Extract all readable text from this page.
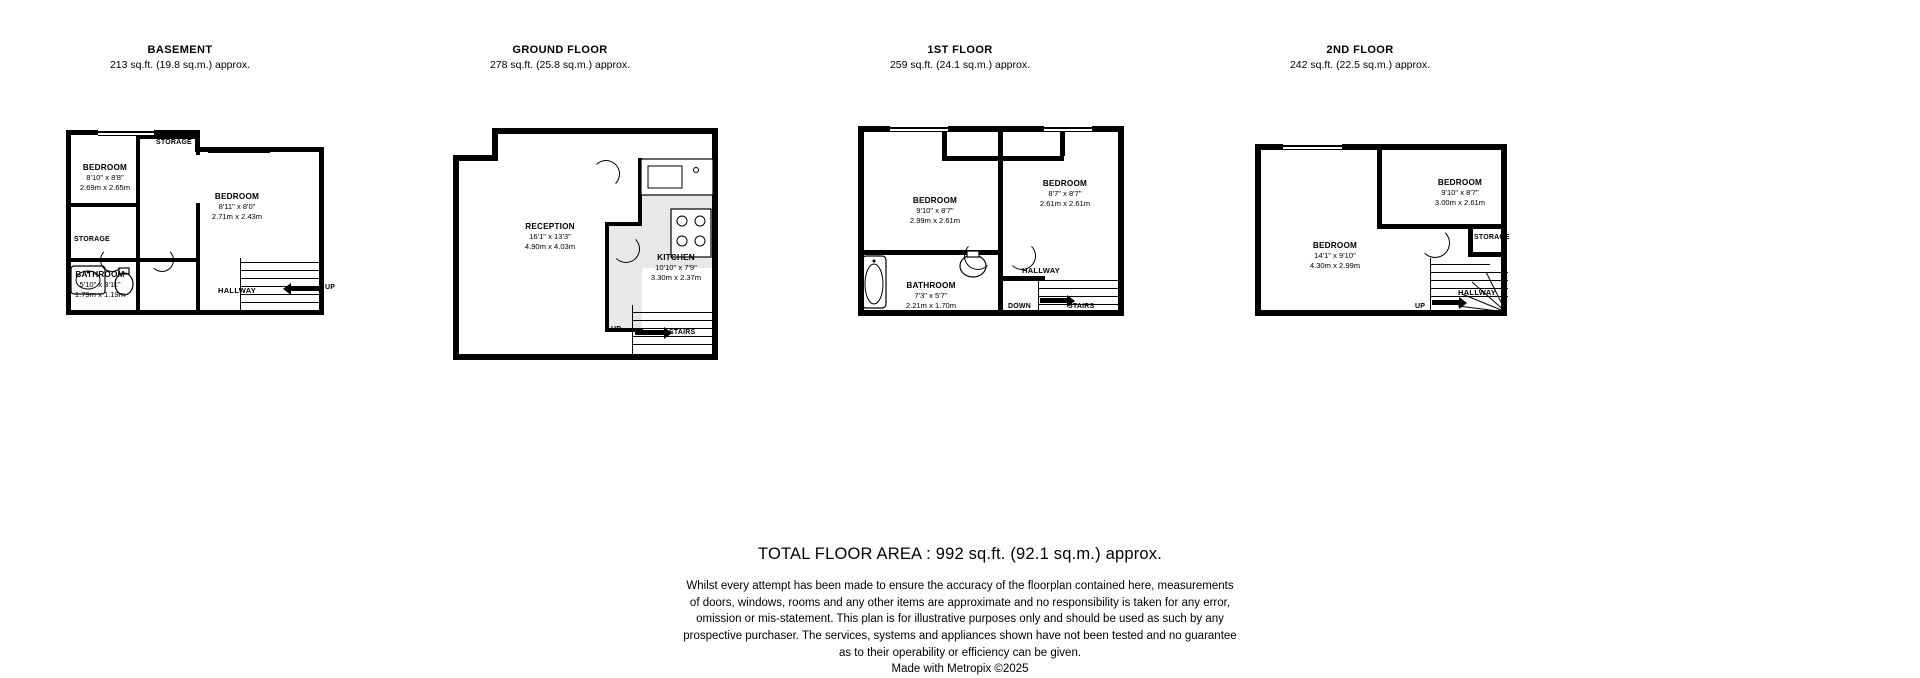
BASEMENT
213 sq.ft. (19.8 sq.m.) approx.
BEDROOM
8'10" x 8'8"
2.69m x 2.65m
BEDROOM
8'11" x 8'0"
2.71m x 2.43m
BATHROOM
5'10" x 3'11"
1.79m x 1.19m
STORAGE
STORAGE
HALLWAY	UP
GROUND FLOOR
278 sq.ft. (25.8 sq.m.) approx.
RECEPTION
16'1" x 13'3"
4.90m x 4.03m
KITCHEN
10'10" x 7'9"
3.30m x 2.37m
UP	STAIRS
1ST FLOOR
259 sq.ft. (24.1 sq.m.) approx.
BEDROOM
9'10" x 8'7"
2.99m x 2.61m
BEDROOM
8'7" x 8'7"
2.61m x 2.61m
BATHROOM
7'3" x 5'7"
2.21m x 1.70m
HALLWAY
DOWN	STAIRS
2ND FLOOR
242 sq.ft. (22.5 sq.m.) approx.
BEDROOM
9'10" x 8'7"
3.00m x 2.61m
BEDROOM
14'1" x 9'10"
4.30m x 2.99m
STORAGE
HALLWAY
UP
TOTAL FLOOR AREA : 992 sq.ft. (92.1 sq.m.) approx.
Whilst every attempt has been made to ensure the accuracy of the floorplan contained here, measurements
of doors, windows, rooms and any other items are approximate and no responsibility is taken for any error,
omission or mis-statement. This plan is for illustrative purposes only and should be used as such by any
prospective purchaser. The services, systems and appliances shown have not been tested and no guarantee
as to their operability or efficiency can be given.
Made with Metropix ©2025
